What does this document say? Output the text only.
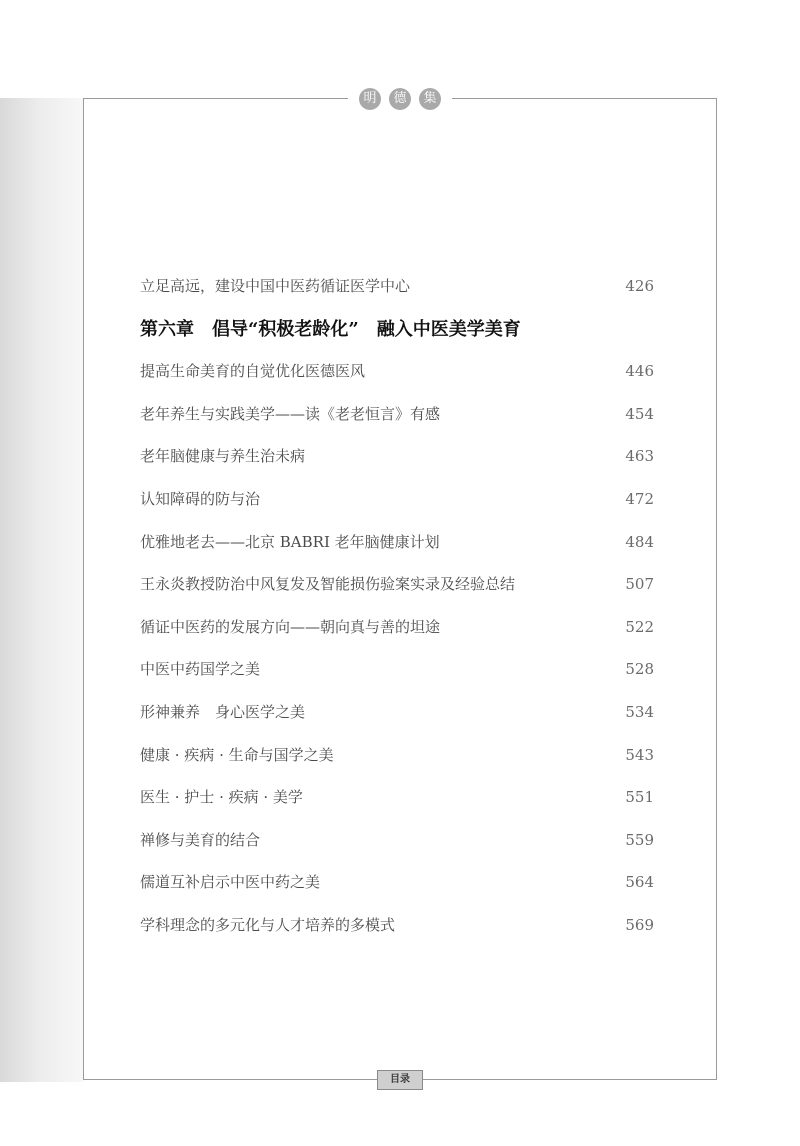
明	德	集
立足高远，建设中国中医药循证医学中心	426
第六章　倡导“积极老龄化”　融入中医美学美育
提高生命美育的自觉优化医德医风	446
老年养生与实践美学——读《老老恒言》有感	454
老年脑健康与养生治未病	463
认知障碍的防与治	472
优雅地老去——北京 BABRI 老年脑健康计划	484
王永炎教授防治中风复发及智能损伤验案实录及经验总结	507
循证中医药的发展方向——朝向真与善的坦途	522
中医中药国学之美	528
形神兼养　身心医学之美	534
健康 · 疾病 · 生命与国学之美	543
医生 · 护士 · 疾病 · 美学	551
禅修与美育的结合	559
儒道互补启示中医中药之美	564
学科理念的多元化与人才培养的多模式	569
目录
